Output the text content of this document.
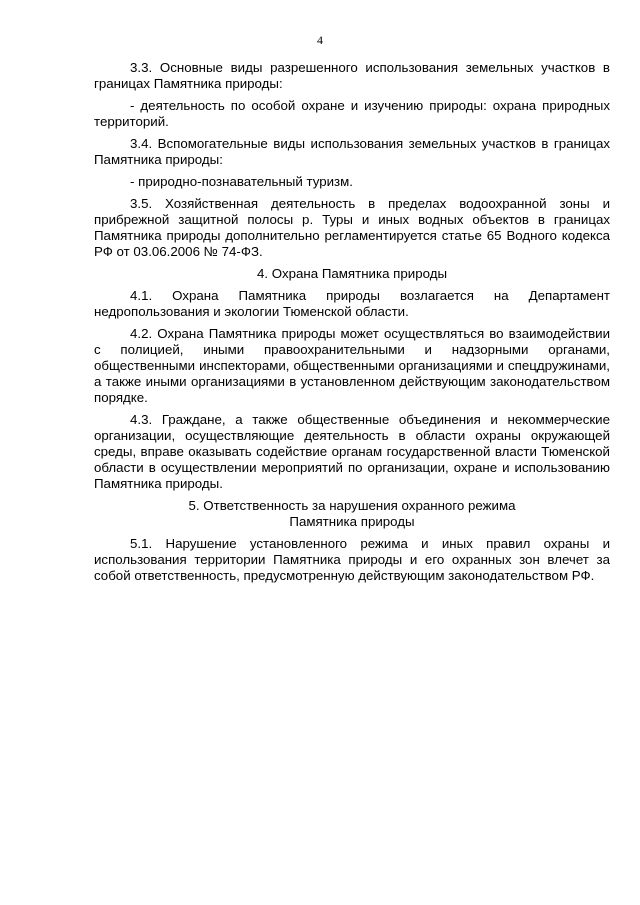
4

3.3. Основные виды разрешенного использования земельных участков в границах Памятника природы:

- деятельность по особой охране и изучению природы: охрана природных территорий.

3.4. Вспомогательные виды использования земельных участков в границах Памятника природы:

- природно-познавательный туризм.

3.5. Хозяйственная деятельность в пределах водоохранной зоны и прибрежной защитной полосы р. Туры и иных водных объектов в границах Памятника природы дополнительно регламентируется статье 65 Водного кодекса РФ от 03.06.2006 № 74-ФЗ.

4. Охрана Памятника природы

4.1. Охрана Памятника природы возлагается на Департамент недропользования и экологии Тюменской области.

4.2. Охрана Памятника природы может осуществляться во взаимодействии с полицией, иными правоохранительными и надзорными органами, общественными инспекторами, общественными организациями и спецдружинами, а также иными организациями в установленном действующим законодательством порядке.

4.3. Граждане, а также общественные объединения и некоммерческие организации, осуществляющие деятельность в области охраны окружающей среды, вправе оказывать содействие органам государственной власти Тюменской области в осуществлении мероприятий по организации, охране и использованию Памятника природы.

5. Ответственность за нарушения охранного режима
Памятника природы

5.1. Нарушение установленного режима и иных правил охраны и использования территории Памятника природы и его охранных зон влечет за собой ответственность, предусмотренную действующим законодательством РФ.
